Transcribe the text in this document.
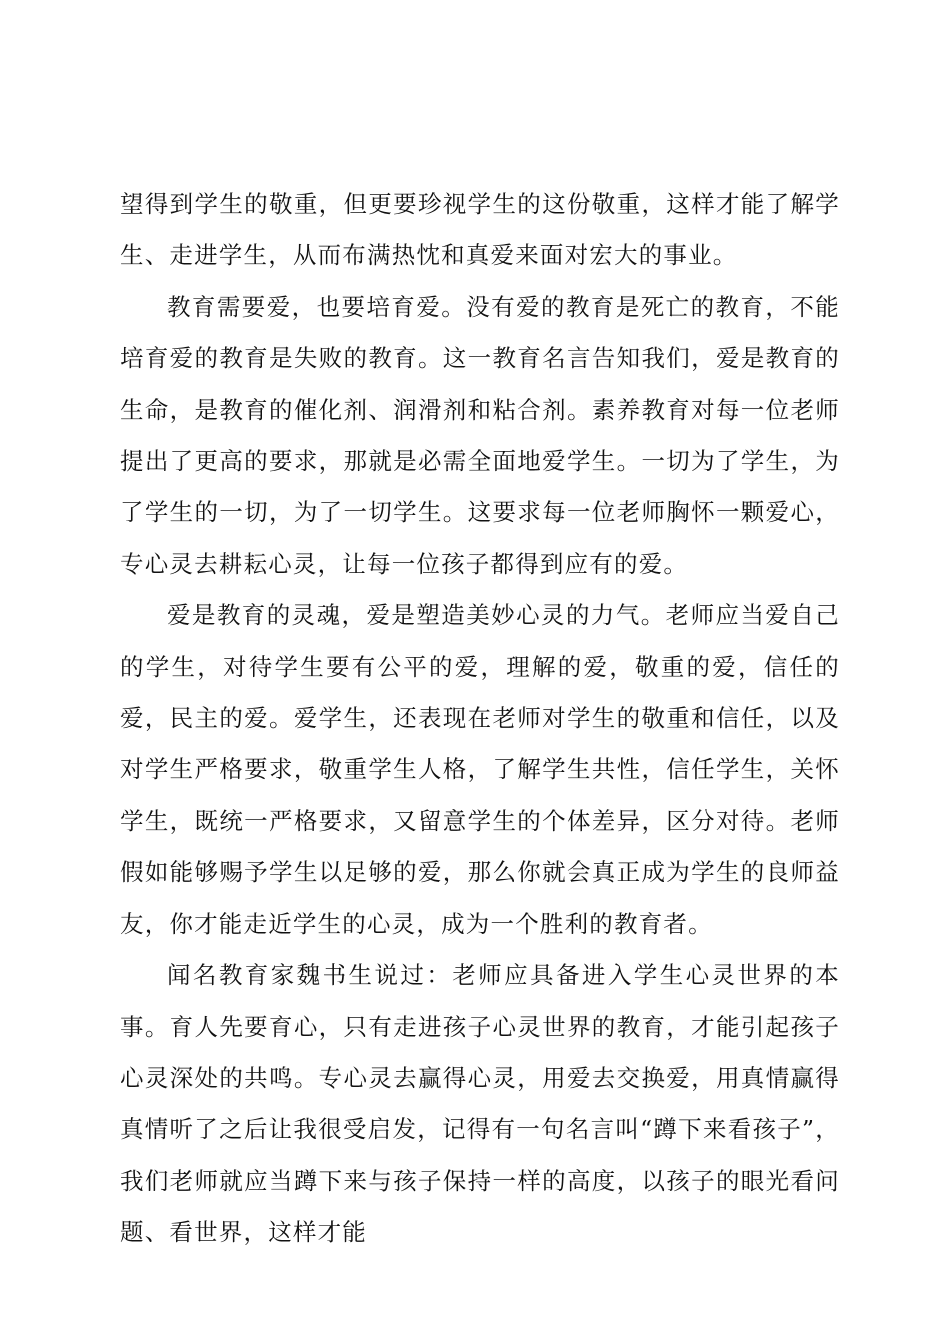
望得到学生的敬重，但更要珍视学生的这份敬重，这样才能了解学生、走进学生，从而布满热忱和真爱来面对宏大的事业。

教育需要爱，也要培育爱。没有爱的教育是死亡的教育，不能培育爱的教育是失败的教育。这一教育名言告知我们，爱是教育的生命，是教育的催化剂、润滑剂和粘合剂。素养教育对每一位老师提出了更高的要求，那就是必需全面地爱学生。一切为了学生，为了学生的一切，为了一切学生。这要求每一位老师胸怀一颗爱心，专心灵去耕耘心灵，让每一位孩子都得到应有的爱。

爱是教育的灵魂，爱是塑造美妙心灵的力气。老师应当爱自己的学生，对待学生要有公平的爱，理解的爱，敬重的爱，信任的爱，民主的爱。爱学生，还表现在老师对学生的敬重和信任，以及对学生严格要求，敬重学生人格，了解学生共性，信任学生，关怀学生，既统一严格要求，又留意学生的个体差异，区分对待。老师假如能够赐予学生以足够的爱，那么你就会真正成为学生的良师益友，你才能走近学生的心灵，成为一个胜利的教育者。

闻名教育家魏书生说过：老师应具备进入学生心灵世界的本事。育人先要育心，只有走进孩子心灵世界的教育，才能引起孩子心灵深处的共鸣。专心灵去赢得心灵，用爱去交换爱，用真情赢得真情听了之后让我很受启发，记得有一句名言叫“蹲下来看孩子”，我们老师就应当蹲下来与孩子保持一样的高度，以孩子的眼光看问题、看世界，这样才能
